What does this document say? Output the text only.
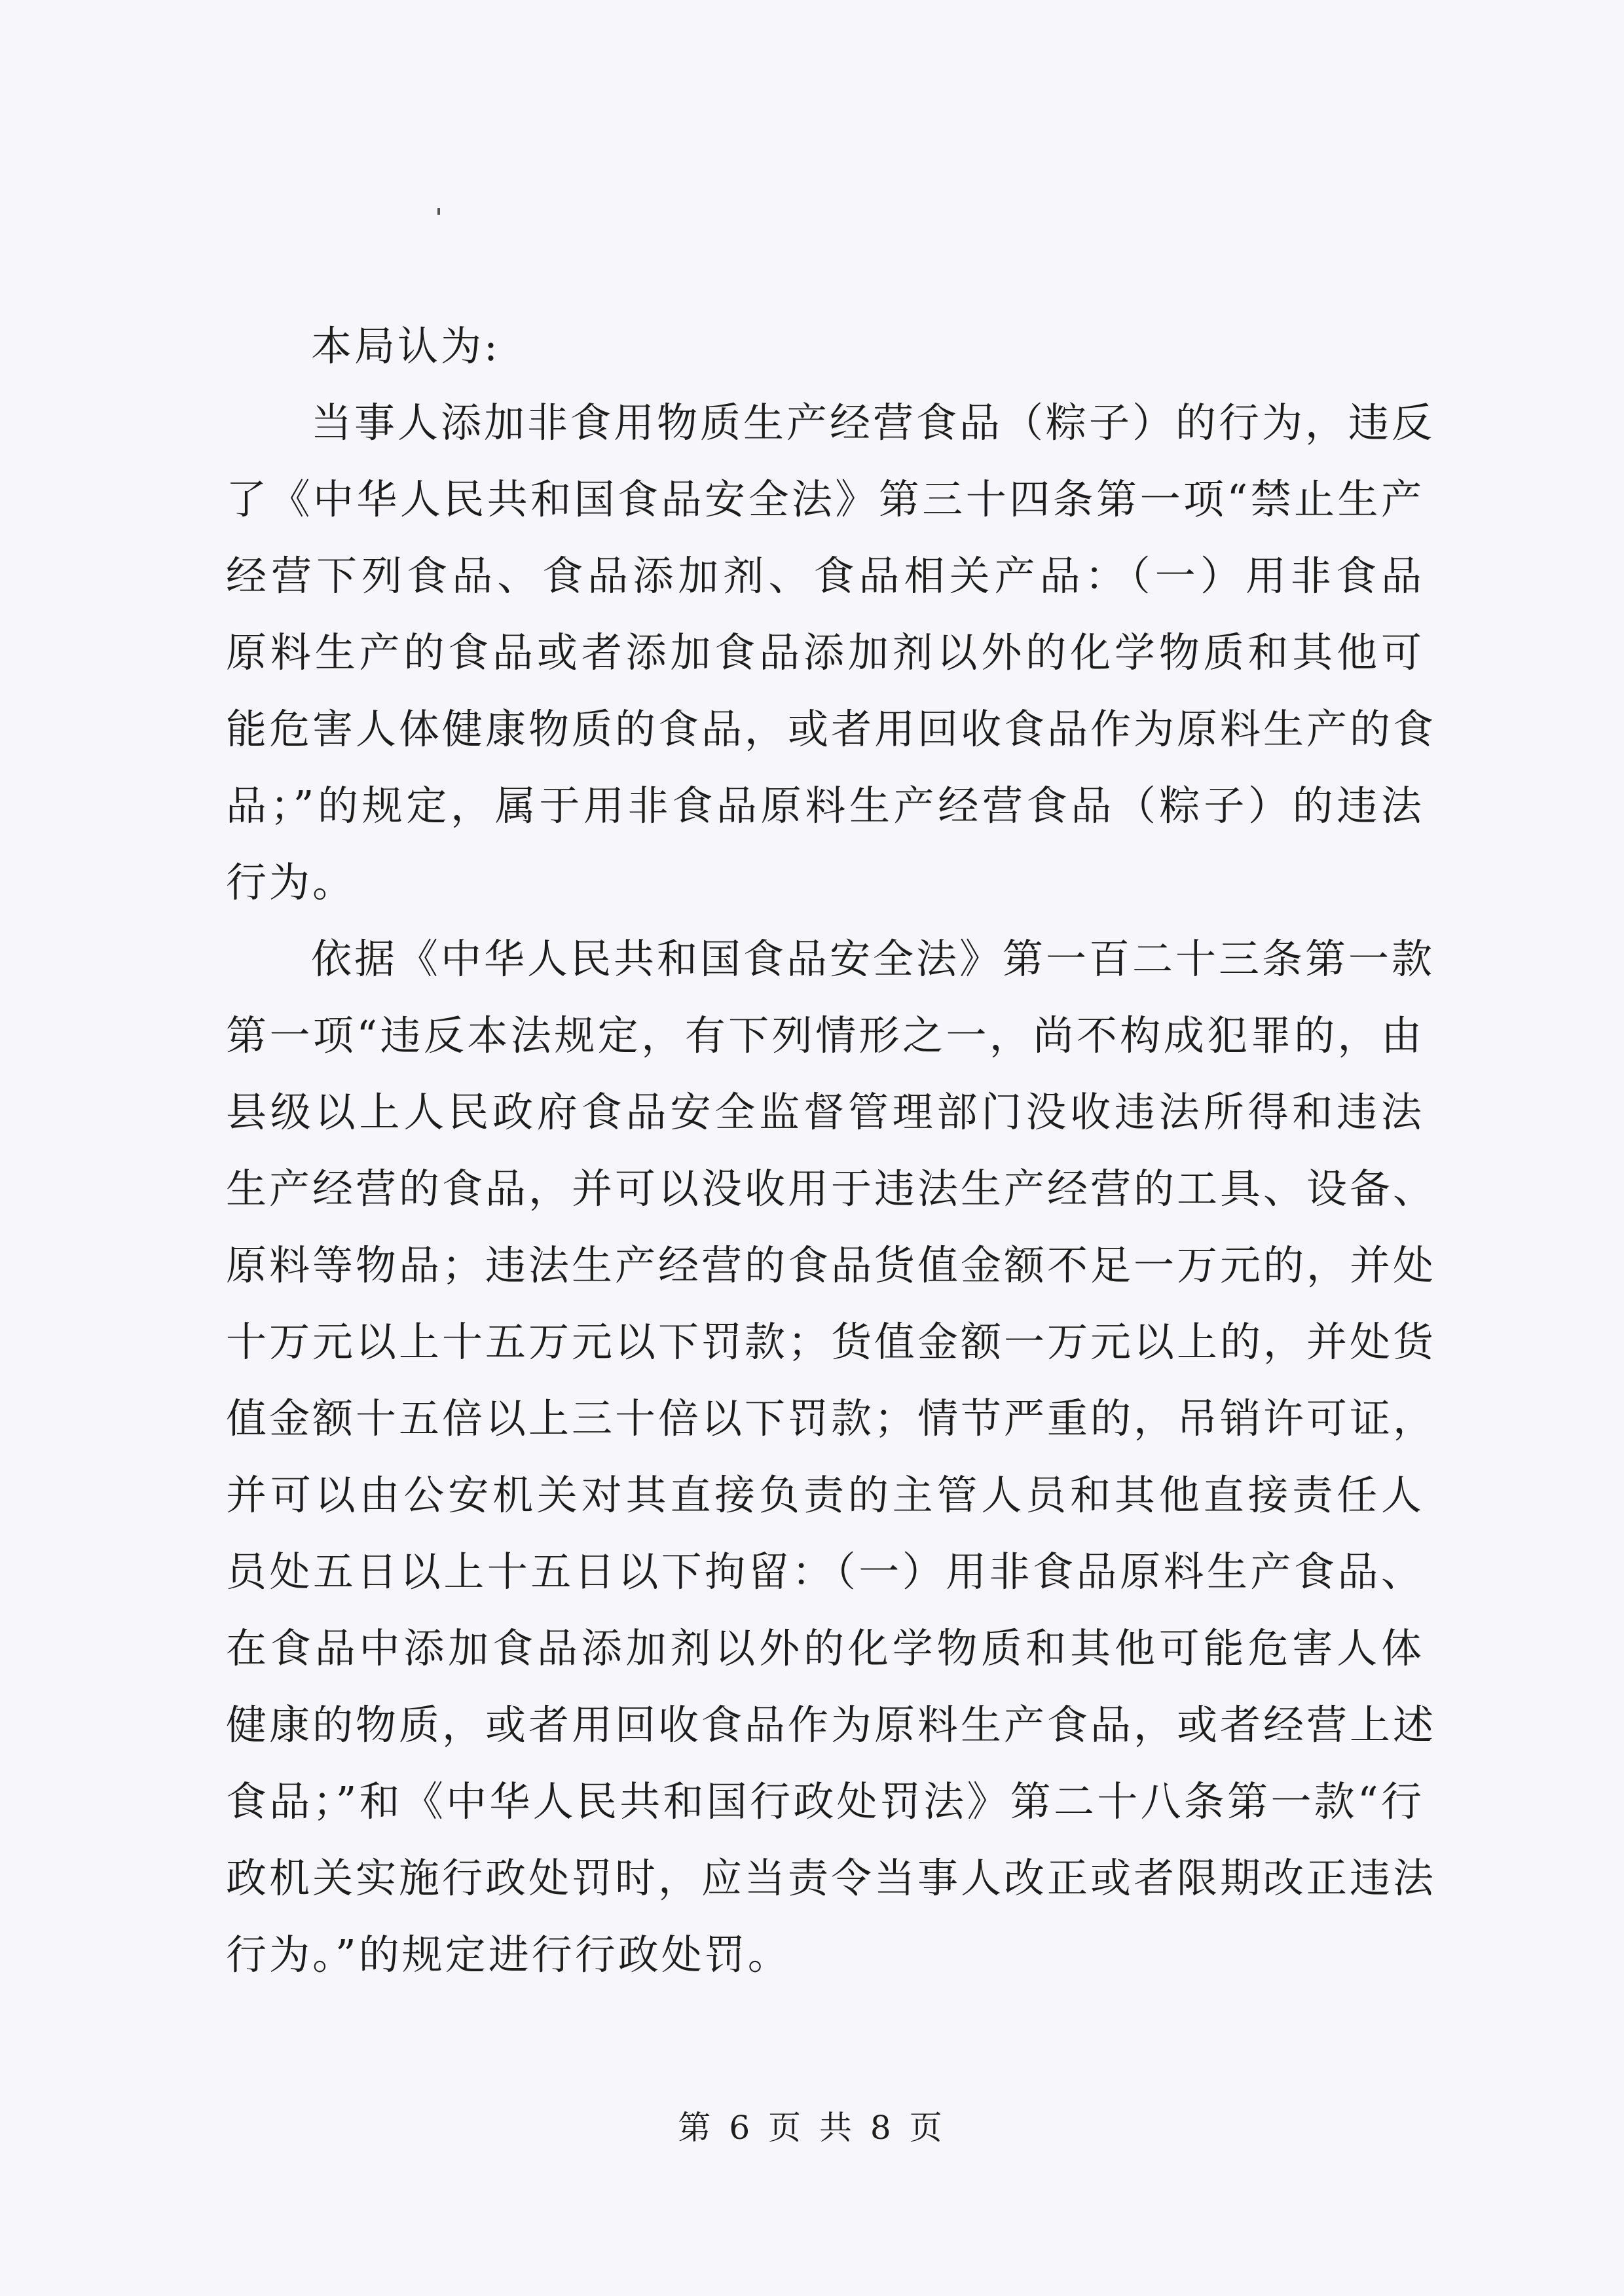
本局认为:
当事人添加非食用物质生产经营食品（粽子）的行为，违反
了《中华人民共和国食品安全法》第三十四条第一项“禁止生产
经营下列食品、食品添加剂、食品相关产品：（一）用非食品
原料生产的食品或者添加食品添加剂以外的化学物质和其他可
能危害人体健康物质的食品，或者用回收食品作为原料生产的食
品；”的规定，属于用非食品原料生产经营食品（粽子）的违法
行为。
依据《中华人民共和国食品安全法》第一百二十三条第一款
第一项“违反本法规定，有下列情形之一，尚不构成犯罪的，由
县级以上人民政府食品安全监督管理部门没收违法所得和违法
生产经营的食品，并可以没收用于违法生产经营的工具、设备、
原料等物品；违法生产经营的食品货值金额不足一万元的，并处
十万元以上十五万元以下罚款；货值金额一万元以上的，并处货
值金额十五倍以上三十倍以下罚款；情节严重的，吊销许可证，
并可以由公安机关对其直接负责的主管人员和其他直接责任人
员处五日以上十五日以下拘留：（一）用非食品原料生产食品、
在食品中添加食品添加剂以外的化学物质和其他可能危害人体
健康的物质，或者用回收食品作为原料生产食品，或者经营上述
食品；”和《中华人民共和国行政处罚法》第二十八条第一款“行
政机关实施行政处罚时，应当责令当事人改正或者限期改正违法
行为。”的规定进行行政处罚。
第 6 页 共 8 页
